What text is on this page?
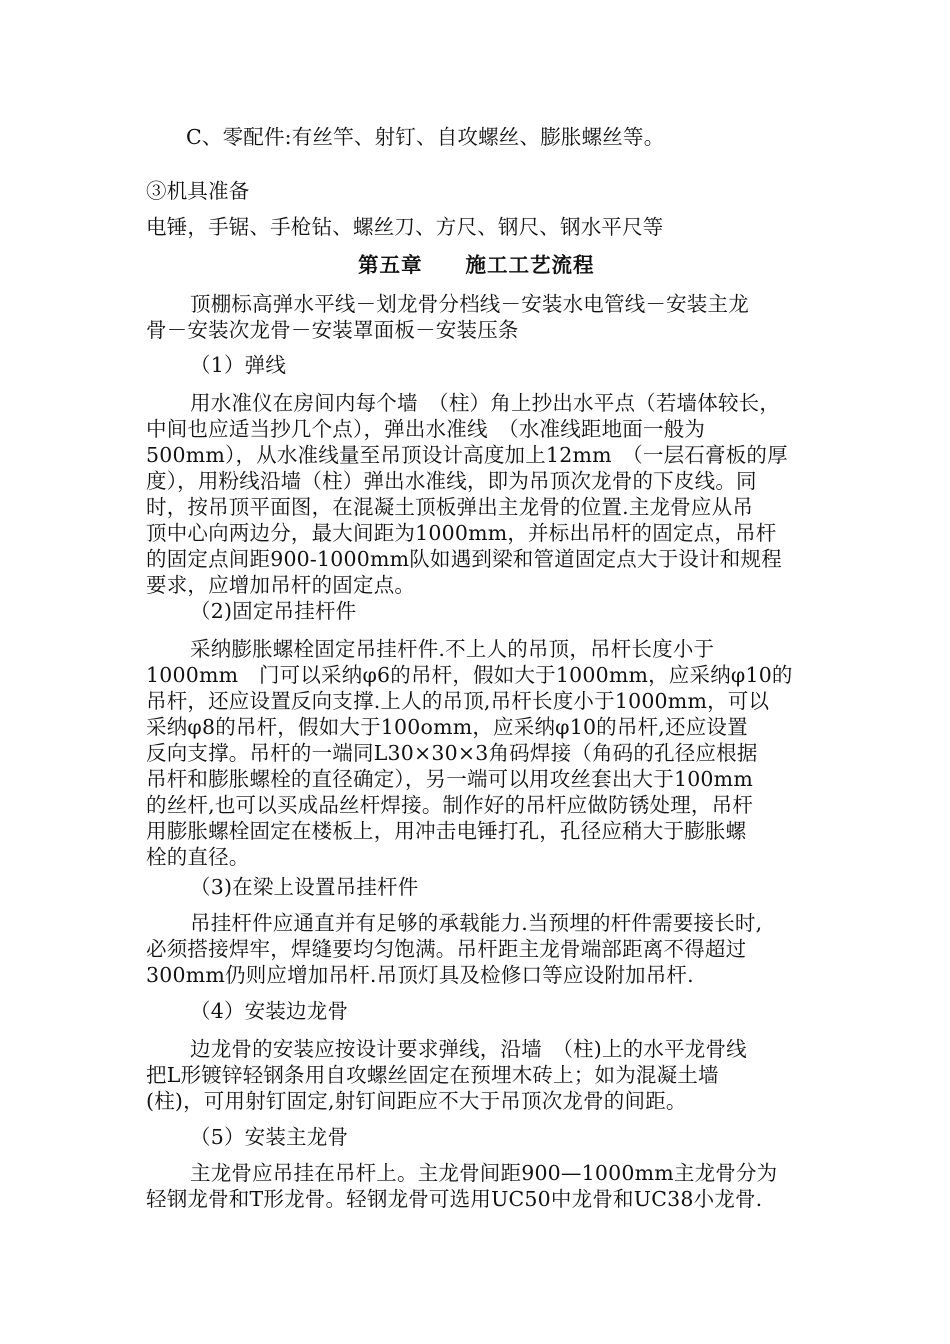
C、零配件:有丝竿、射钉、自攻螺丝、膨胀螺丝等。
③机具准备
电锤，手锯、手枪钻、螺丝刀、方尺、钢尺、钢水平尺等
第五章　　施工工艺流程
顶棚标高弹水平线－划龙骨分档线－安装水电管线－安装主龙
骨－安装次龙骨－安装罩面板－安装压条
（1）弹线
用水准仪在房间内每个墙　（柱）角上抄出水平点（若墙体较长，
中间也应适当抄几个点），弹出水准线　（水准线距地面一般为
500mm），从水准线量至吊顶设计高度加上12mm　（一层石膏板的厚
度），用粉线沿墙（柱）弹出水准线，即为吊顶次龙骨的下皮线。同
时，按吊顶平面图，在混凝土顶板弹出主龙骨的位置.主龙骨应从吊
顶中心向两边分，最大间距为1000mm，并标出吊杆的固定点，吊杆
的固定点间距900-1000mm队如遇到梁和管道固定点大于设计和规程
要求，应增加吊杆的固定点。
（2)固定吊挂杆件
采纳膨胀螺栓固定吊挂杆件.不上人的吊顶，吊杆长度小于
1000mm　门可以采纳φ6的吊杆，假如大于1000mm，应采纳φ10的
吊杆，还应设置反向支撑.上人的吊顶,吊杆长度小于1000mm，可以
采纳φ8的吊杆，假如大于100omm，应采纳φ10的吊杆,还应设置
反向支撑。吊杆的一端同L30×30×3角码焊接（角码的孔径应根据
吊杆和膨胀螺栓的直径确定），另一端可以用攻丝套出大于100mm
的丝杆,也可以买成品丝杆焊接。制作好的吊杆应做防锈处理，吊杆
用膨胀螺栓固定在楼板上，用冲击电锤打孔，孔径应稍大于膨胀螺
栓的直径。
（3)在梁上设置吊挂杆件
吊挂杆件应通直并有足够的承载能力.当预埋的杆件需要接长时,
必须搭接焊牢，焊缝要均匀饱满。吊杆距主龙骨端部距离不得超过
300mm仍则应增加吊杆.吊顶灯具及检修口等应设附加吊杆.
（4）安装边龙骨
边龙骨的安装应按设计要求弹线，沿墙　（柱)上的水平龙骨线
把L形镀锌轻钢条用自攻螺丝固定在预埋木砖上；如为混凝土墙
(柱)，可用射钉固定,射钉间距应不大于吊顶次龙骨的间距。
（5）安装主龙骨
主龙骨应吊挂在吊杆上。主龙骨间距900—1000mm主龙骨分为
轻钢龙骨和T形龙骨。轻钢龙骨可选用UC50中龙骨和UC38小龙骨.
